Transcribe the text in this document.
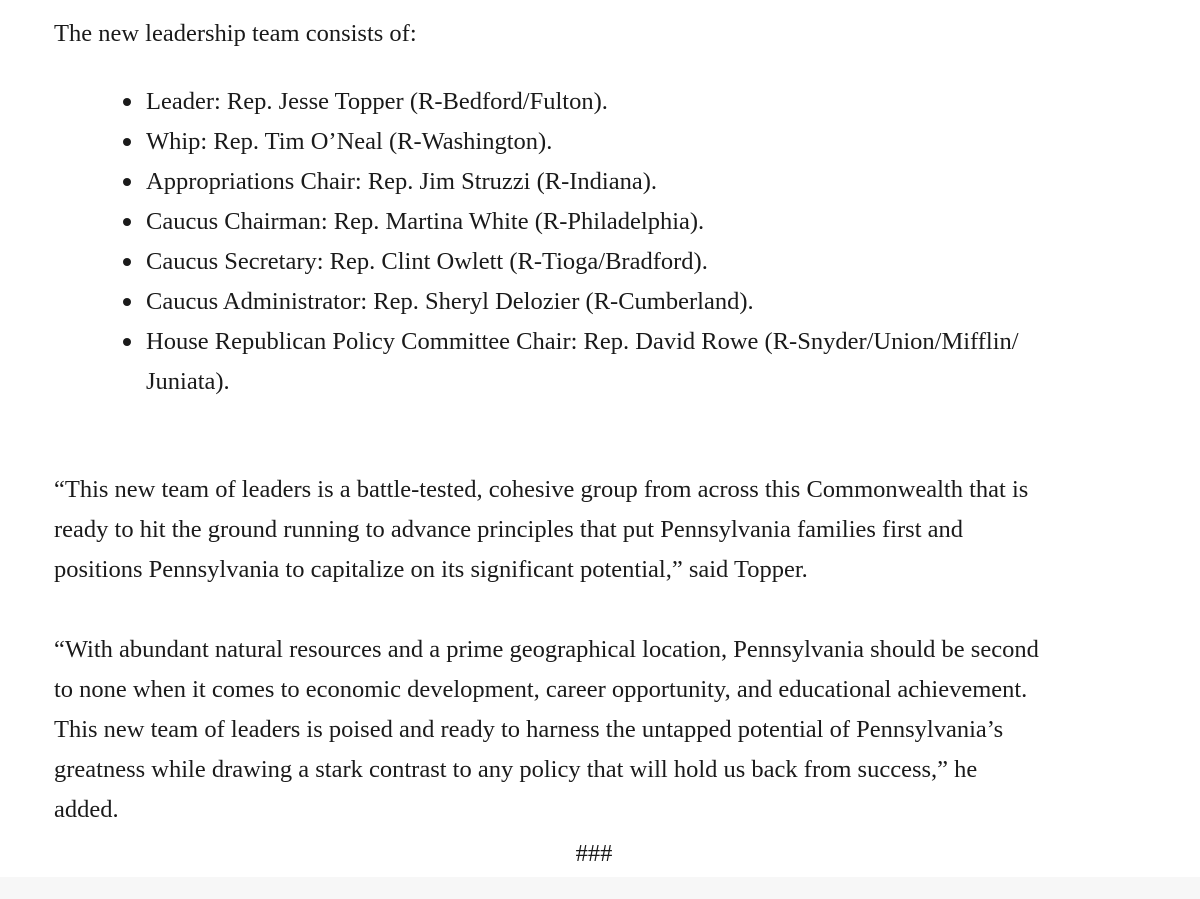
The new leadership team consists of:

Leader: Rep. Jesse Topper (R-Bedford/Fulton).
Whip: Rep. Tim O’Neal (R-Washington).
Appropriations Chair: Rep. Jim Struzzi (R-Indiana).
Caucus Chairman: Rep. Martina White (R-Philadelphia).
Caucus Secretary: Rep. Clint Owlett (R-Tioga/Bradford).
Caucus Administrator: Rep. Sheryl Delozier (R-Cumberland).
House Republican Policy Committee Chair: Rep. David Rowe (R-Snyder/Union/Mifflin/
Juniata).

“This new team of leaders is a battle-tested, cohesive group from across this Commonwealth that is
ready to hit the ground running to advance principles that put Pennsylvania families first and
positions Pennsylvania to capitalize on its significant potential,” said Topper.

“With abundant natural resources and a prime geographical location, Pennsylvania should be second
to none when it comes to economic development, career opportunity, and educational achievement.
This new team of leaders is poised and ready to harness the untapped potential of Pennsylvania’s
greatness while drawing a stark contrast to any policy that will hold us back from success,” he
added.

###
